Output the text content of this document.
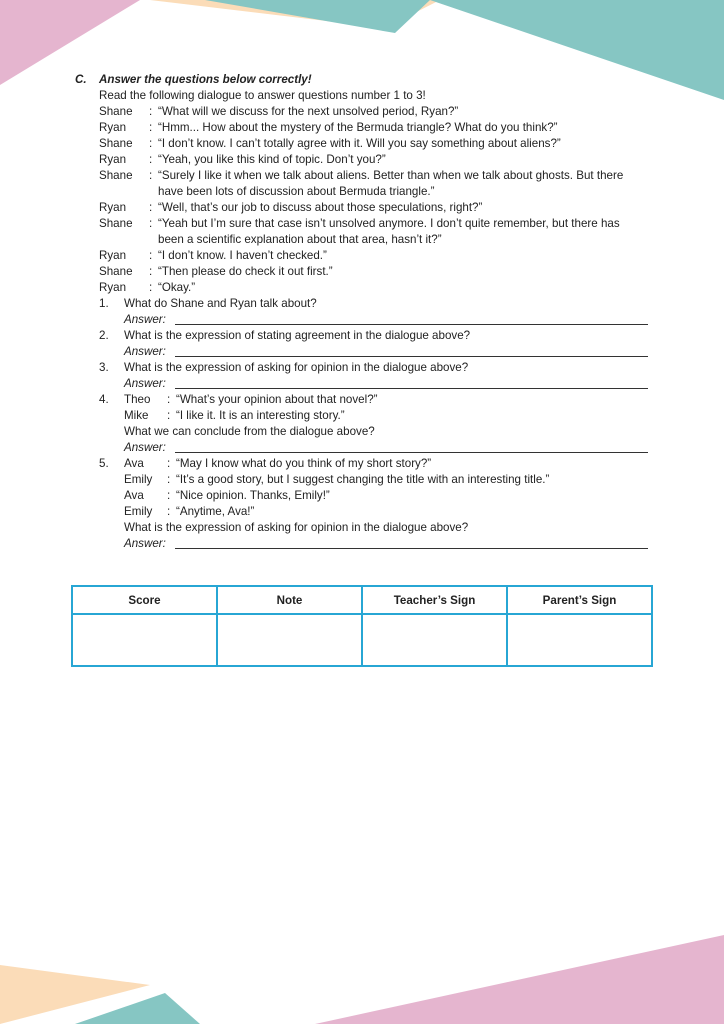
C. Answer the questions below correctly!
Read the following dialogue to answer questions number 1 to 3!
Shane : “What will we discuss for the next unsolved period, Ryan?”
Ryan : “Hmm... How about the mystery of the Bermuda triangle? What do you think?”
Shane : “I don’t know. I can’t totally agree with it. Will you say something about aliens?”
Ryan : “Yeah, you like this kind of topic. Don’t you?”
Shane : “Surely I like it when we talk about aliens. Better than when we talk about ghosts. But there
have been lots of discussion about Bermuda triangle.”
Ryan : “Well, that’s our job to discuss about those speculations, right?”
Shane : “Yeah but I’m sure that case isn’t unsolved anymore. I don’t quite remember, but there has
been a scientific explanation about that area, hasn’t it?”
Ryan : “I don’t know. I haven’t checked.”
Shane : “Then please do check it out first.”
Ryan : “Okay.”
1. What do Shane and Ryan talk about?
Answer:
2. What is the expression of stating agreement in the dialogue above?
Answer:
3. What is the expression of asking for opinion in the dialogue above?
Answer:
4. Theo : “What’s your opinion about that novel?”
Mike : “I like it. It is an interesting story.”
What we can conclude from the dialogue above?
Answer:
5. Ava : “May I know what do you think of my short story?”
Emily : “It’s a good story, but I suggest changing the title with an interesting title.”
Ava : “Nice opinion. Thanks, Emily!”
Emily : “Anytime, Ava!”
What is the expression of asking for opinion in the dialogue above?
Answer:
Score	Note	Teacher’s Sign	Parent’s Sign
